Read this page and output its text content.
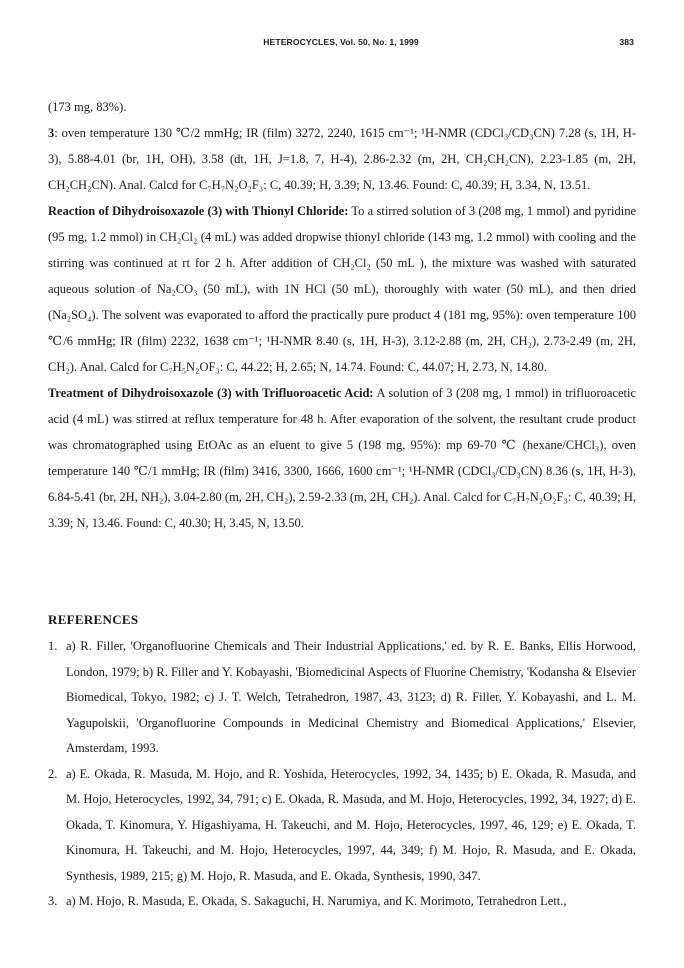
HETEROCYCLES, Vol. 50, No. 1, 1999	383

(173 mg, 83%).

3: oven temperature 130 ℃/2 mmHg; IR (film) 3272, 2240, 1615 cm⁻¹; ¹H-NMR (CDCl₃/CD₃CN) 7.28 (s, 1H, H-3), 5.88-4.01 (br, 1H, OH), 3.58 (dt, 1H, J=1.8, 7, H-4), 2.86-2.32 (m, 2H, CH₂CH₂CN), 2.23-1.85 (m, 2H, CH₂CH₂CN). Anal. Calcd for C₇H₇N₂O₂F₃: C, 40.39; H, 3.39; N, 13.46. Found: C, 40.39; H, 3.34, N, 13.51.

Reaction of Dihydroisoxazole (3) with Thionyl Chloride: To a stirred solution of 3 (208 mg, 1 mmol) and pyridine (95 mg, 1.2 mmol) in CH₂Cl₂ (4 mL) was added dropwise thionyl chloride (143 mg, 1.2 mmol) with cooling and the stirring was continued at rt for 2 h. After addition of CH₂Cl₂ (50 mL ), the mixture was washed with saturated aqueous solution of Na₂CO₃ (50 mL), with 1N HCl (50 mL), thoroughly with water (50 mL), and then dried (Na₂SO₄). The solvent was evaporated to afford the practically pure product 4 (181 mg, 95%): oven temperature 100 ℃/6 mmHg; IR (film) 2232, 1638 cm⁻¹; ¹H-NMR 8.40 (s, 1H, H-3), 3.12-2.88 (m, 2H, CH₂), 2.73-2.49 (m, 2H, CH₂). Anal. Calcd for C₇H₅N₂OF₃: C, 44.22; H, 2.65; N, 14.74. Found: C, 44.07; H, 2.73, N, 14.80.

Treatment of Dihydroisoxazole (3) with Trifluoroacetic Acid: A solution of 3 (208 mg, 1 mmol) in trifluoroacetic acid (4 mL) was stirred at reflux temperature for 48 h. After evaporation of the solvent, the resultant crude product was chromatographed using EtOAc as an eluent to give 5 (198 mg, 95%): mp 69-70 ℃ (hexane/CHCl₃), oven temperature 140 ℃/1 mmHg; IR (film) 3416, 3300, 1666, 1600 cm⁻¹; ¹H-NMR (CDCl₃/CD₃CN) 8.36 (s, 1H, H-3), 6.84-5.41 (br, 2H, NH₂), 3.04-2.80 (m, 2H, CH₂), 2.59-2.33 (m, 2H, CH₂). Anal. Calcd for C₇H₇N₂O₂F₃: C, 40.39; H, 3.39; N, 13.46. Found: C, 40.30; H, 3.45, N, 13.50.

REFERENCES

1. a) R. Filler, 'Organofluorine Chemicals and Their Industrial Applications,' ed. by R. E. Banks, Ellis Horwood, London, 1979; b) R. Filler and Y. Kobayashi, 'Biomedicinal Aspects of Fluorine Chemistry, 'Kodansha & Elsevier Biomedical, Tokyo, 1982; c) J. T. Welch, Tetrahedron, 1987, 43, 3123; d) R. Filler, Y. Kobayashi, and L. M. Yagupolskii, 'Organofluorine Compounds in Medicinal Chemistry and Biomedical Applications,' Elsevier, Amsterdam, 1993.

2. a) E. Okada, R. Masuda, M. Hojo, and R. Yoshida, Heterocycles, 1992, 34, 1435; b) E. Okada, R. Masuda, and M. Hojo, Heterocycles, 1992, 34, 791; c) E. Okada, R. Masuda, and M. Hojo, Heterocycles, 1992, 34, 1927; d) E. Okada, T. Kinomura, Y. Higashiyama, H. Takeuchi, and M. Hojo, Heterocycles, 1997, 46, 129; e) E. Okada, T. Kinomura, H. Takeuchi, and M. Hojo, Heterocycles, 1997, 44, 349; f) M. Hojo, R. Masuda, and E. Okada, Synthesis, 1989, 215; g) M. Hojo, R. Masuda, and E. Okada, Synthesis, 1990, 347.

3. a) M. Hojo, R. Masuda, E. Okada, S. Sakaguchi, H. Narumiya, and K. Morimoto, Tetrahedron Lett.,
